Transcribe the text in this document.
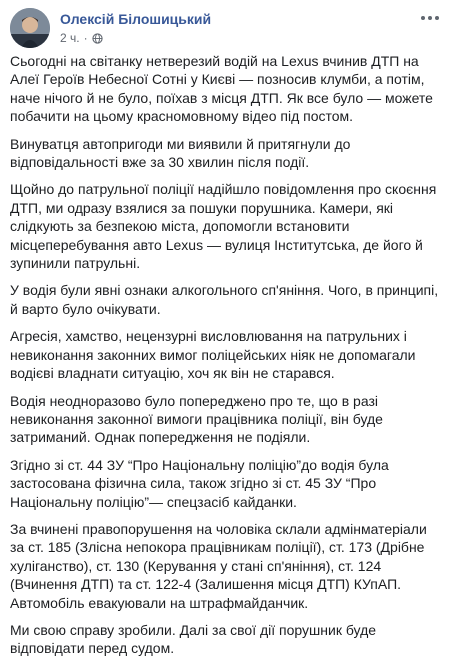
Олексій Білошицький
2 ч. ·

Сьогодні на світанку нетверезий водій на Lexus вчинив ДТП на Алеї Героїв Небесної Сотні у Києві — позносив клумби, а потім, наче нічого й не було, поїхав з місця ДТП. Як все було — можете побачити на цьому красномовному відео під постом.

Винуватця автопригоди ми виявили й притягнули до відповідальності вже за 30 хвилин після події.

Щойно до патрульної поліції надійшло повідомлення про скоєння ДТП, ми одразу взялися за пошуки порушника. Камери, які слідкують за безпекою міста, допомогли встановити місцеперебування авто Lexus — вулиця Інститутська, де його й зупинили патрульні.

У водія були явні ознаки алкогольного сп'яніння. Чого, в принципі, й варто було очікувати.

Агресія, хамство, нецензурні висловлювання на патрульних і невиконання законних вимог поліцейських ніяк не допомагали водієві владнати ситуацію, хоч як він не старався.

Водія неодноразово було попереджено про те, що в разі невиконання законної вимоги працівника поліції, він буде затриманий. Однак попередження не подіяли.

Згідно зі ст. 44 ЗУ “Про Національну поліцію”до водія була застосована фізична сила, також згідно зі ст. 45 ЗУ “Про Національну поліцію”— спецзасіб кайданки.

За вчинені правопорушення на чоловіка склали адмінматеріали за ст. 185 (Злісна непокора працівникам поліції), ст. 173 (Дрібне хуліганство), ст. 130 (Керування у стані сп'яніння), ст. 124 (Вчинення ДТП) та ст. 122-4 (Залишення місця ДТП) КУпАП. Автомобіль евакуювали на штрафмайданчик.

Ми свою справу зробили. Далі за свої дії порушник буде відповідати перед судом.
